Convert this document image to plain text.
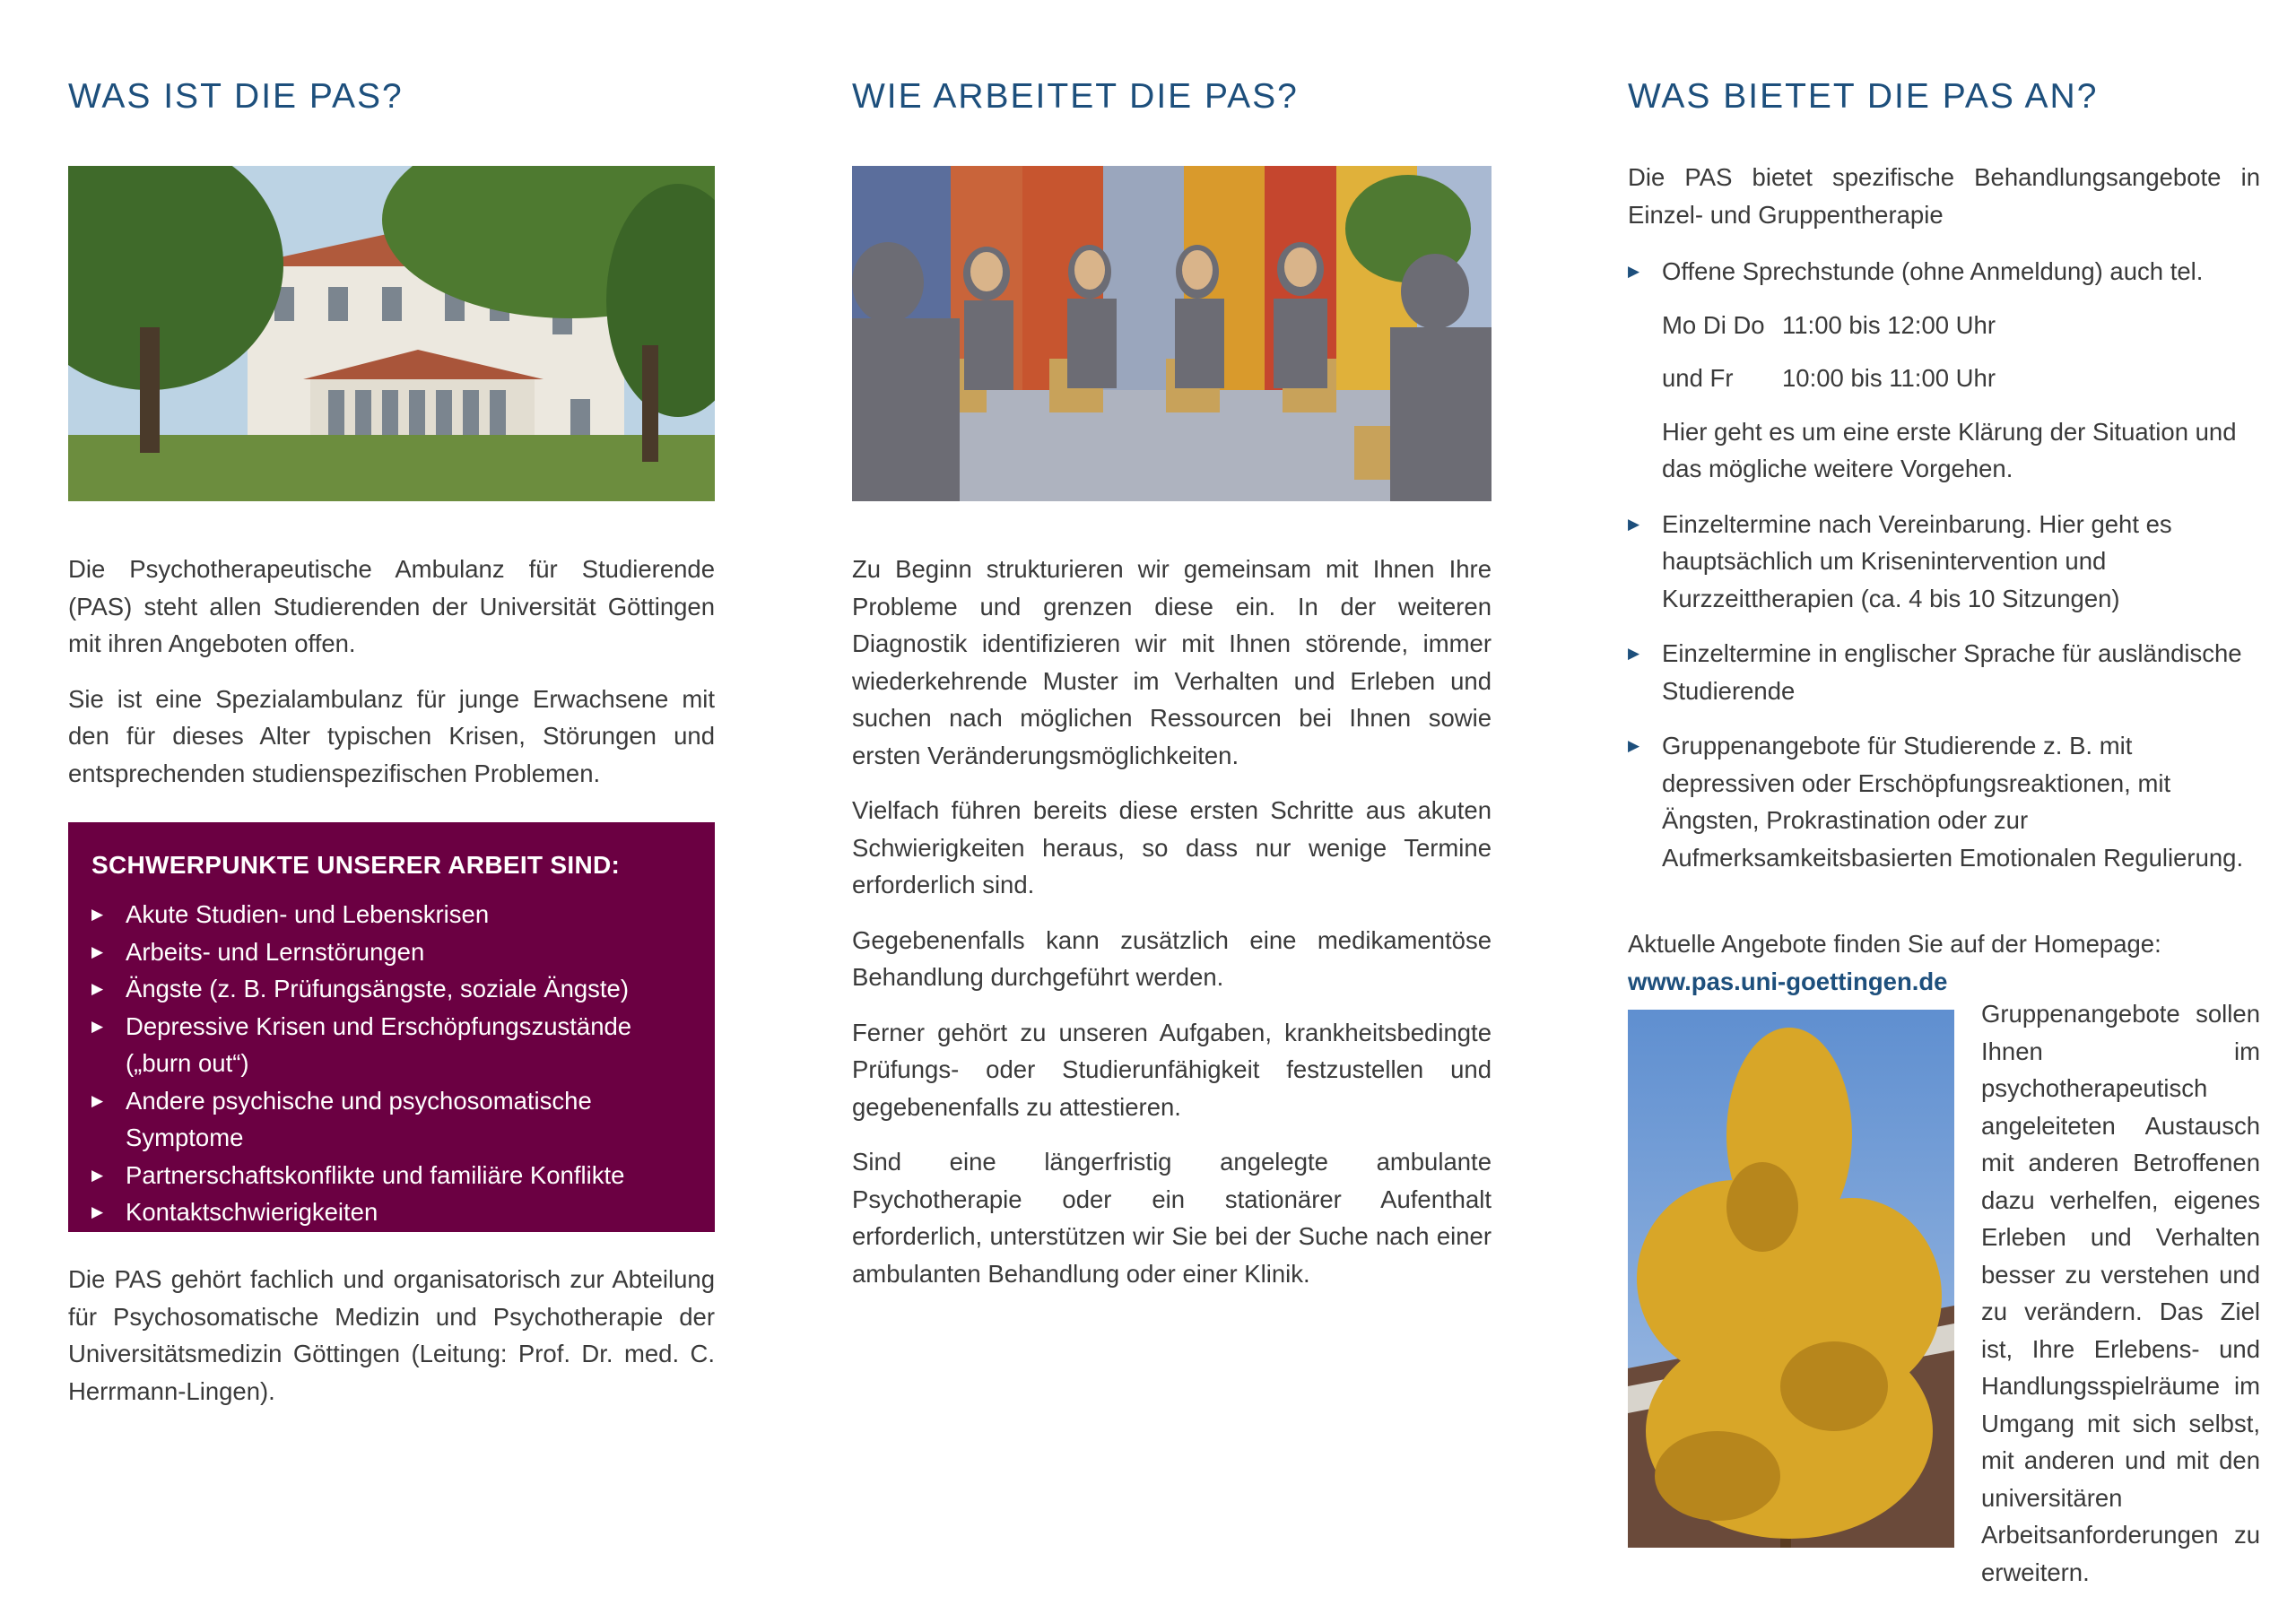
WAS IST DIE PAS?

Die Psychotherapeutische Ambulanz für Studierende (PAS) steht allen Studierenden der Universität Göttingen mit ihren Angeboten offen.

Sie ist eine Spezialambulanz für junge Erwachsene mit den für dieses Alter typischen Krisen, Störungen und entsprechenden studienspezifischen Problemen.

SCHWERPUNKTE UNSERER ARBEIT SIND:
▶ Akute Studien- und Lebenskrisen
▶ Arbeits- und Lernstörungen
▶ Ängste (z. B. Prüfungsängste, soziale Ängste)
▶ Depressive Krisen und Erschöpfungszustände („burn out“)
▶ Andere psychische und psychosomatische Symptome
▶ Partnerschaftskonflikte und familiäre Konflikte
▶ Kontaktschwierigkeiten

Die PAS gehört fachlich und organisatorisch zur Abteilung für Psychosomatische Medizin und Psychotherapie der Universitätsmedizin Göttingen (Leitung: Prof. Dr. med. C. Herrmann-Lingen).

WIE ARBEITET DIE PAS?

Zu Beginn strukturieren wir gemeinsam mit Ihnen Ihre Probleme und grenzen diese ein. In der weiteren Diagnostik identifizieren wir mit Ihnen störende, immer wiederkehrende Muster im Verhalten und Erleben und suchen nach möglichen Ressourcen bei Ihnen sowie ersten Veränderungsmöglichkeiten.

Vielfach führen bereits diese ersten Schritte aus akuten Schwierigkeiten heraus, so dass nur wenige Termine erforderlich sind.

Gegebenenfalls kann zusätzlich eine medikamentöse Behandlung durchgeführt werden.

Ferner gehört zu unseren Aufgaben, krankheitsbedingte Prüfungs- oder Studierunfähigkeit festzustellen und gegebenenfalls zu attestieren.

Sind eine längerfristig angelegte ambulante Psychotherapie oder ein stationärer Aufenthalt erforderlich, unterstützen wir Sie bei der Suche nach einer ambulanten Behandlung oder einer Klinik.

WAS BIETET DIE PAS AN?

Die PAS bietet spezifische Behandlungsangebote in Einzel- und Gruppentherapie

▶ Offene Sprechstunde (ohne Anmeldung) auch tel.
Mo Di Do 11:00 bis 12:00 Uhr
und Fr	10:00 bis 11:00 Uhr
Hier geht es um eine erste Klärung der Situation und das mögliche weitere Vorgehen.
▶ Einzeltermine nach Vereinbarung. Hier geht es hauptsächlich um Krisenintervention und Kurzzeittherapien (ca. 4 bis 10 Sitzungen)
▶ Einzeltermine in englischer Sprache für ausländische Studierende
▶ Gruppenangebote für Studierende z. B. mit depressiven oder Erschöpfungsreaktionen, mit Ängsten, Prokrastination oder zur Aufmerksamkeitsbasierten Emotionalen Regulierung.
Aktuelle Angebote finden Sie auf der Homepage:
www.pas.uni-goettingen.de

Gruppenangebote sollen Ihnen im psychotherapeutisch angeleiteten Austausch mit anderen Betroffenen dazu verhelfen, eigenes Erleben und Verhalten besser zu verstehen und zu verändern. Das Ziel ist, Ihre Erlebens- und Handlungsspielräume im Umgang mit sich selbst, mit anderen und mit den universitären Arbeitsanforderungen zu erweitern.
